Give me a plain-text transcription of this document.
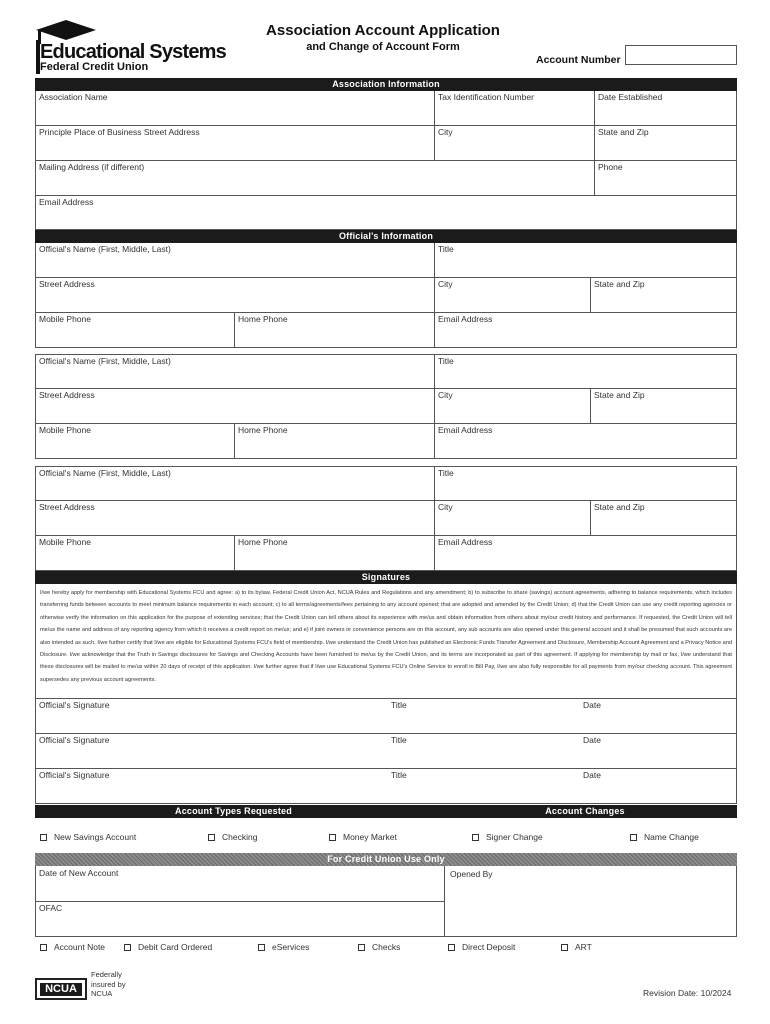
Educational Systems
Federal Credit Union
Association Account Application
and Change of Account Form
Account Number
Association Information
Association Name	Tax Identification Number	Date Established
Principle Place of Business Street Address	City	State and Zip
Mailing Address (if different)	Phone
Email Address
Official's Information
Official's Name (First, Middle, Last)	Title
Street Address	City	State and Zip
Mobile Phone	Home Phone	Email Address
Official's Name (First, Middle, Last)	Title
Street Address	City	State and Zip
Mobile Phone	Home Phone	Email Address
Official's Name (First, Middle, Last)	Title
Street Address	City	State and Zip
Mobile Phone	Home Phone	Email Address
Signatures
I/we hereby apply for membership with Educational Systems FCU and agree: a) to its bylaw, Federal Credit Union Act, NCUA Rules and Regulations and any amendment; b) to subscribe to share (savings) account agreements, adhering to balance requirements, which includes transferring funds between accounts to meet minimum balance requirements in each account; c) to all terms/agreements/fees pertaining to any account opened; that are adopted and amended by the Credit Union; d) that the Credit Union can use any credit reporting agencies or otherwise verify the information on this application for the purpose of extending services; that the Credit Union can tell others about its experience with me/us and obtain information from others about my/our credit history and performance. If requested, the Credit Union will tell me/us the name and address of any reporting agency from which it receives a credit report on me/us; and e) if joint owners or convenience persons are on this account, any sub accounts are also opened under this general account and it shall be presumed that such accounts are also intended as such. I/we further certify that I/we are eligible for Educational Systems FCU's field of membership. I/we understand the Credit Union has published an Electronic Funds Transfer Agreement and Disclosure, Membership Account Agreement and a Privacy Notice and Disclosure. I/we acknowledge that the Truth in Savings disclosures for Savings and Checking Accounts have been furnished to me/us by the Credit Union, and its terms are incorporated as part of this agreement. If applying for membership by mail or fax, I/we understand that these disclosures will be mailed to me/us within 20 days of receipt of this application. I/we further agree that if I/we use Educational Systems FCU's Online Service to enroll in Bill Pay, I/we are also fully responsible for all payments from my/our checking account. This agreement supersedes any previous account agreements.
Official's Signature	Title	Date
Official's Signature	Title	Date
Official's Signature	Title	Date
Account Types Requested	Account Changes
New Savings Account	Checking	Money Market	Signer Change	Name Change
For Credit Union Use Only
Date of New Account
OFAC
Opened By
Account Note	Debit Card Ordered	eServices	Checks	Direct Deposit	ART
NCUA
Federally insured by NCUA	Revision Date: 10/2024
